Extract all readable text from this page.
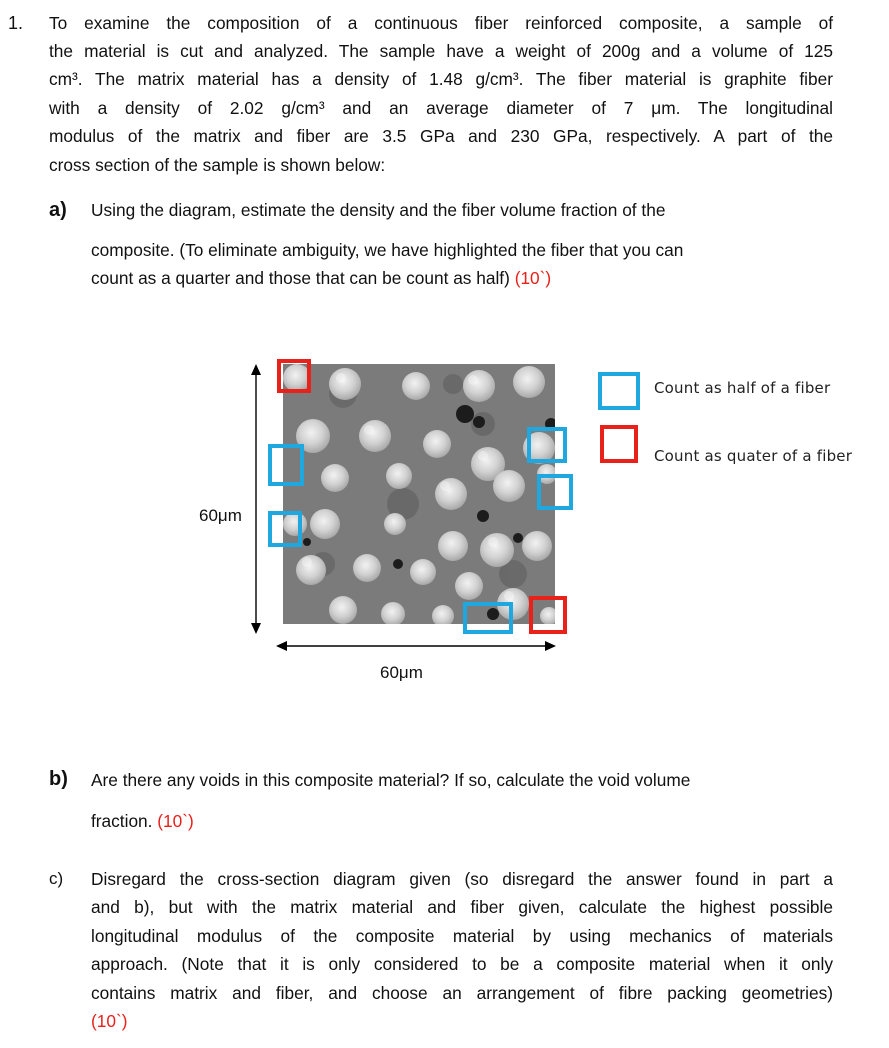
1. To examine the composition of a continuous fiber reinforced composite, a sample of
the material is cut and analyzed. The sample have a weight of 200g and a volume of 125
cm³. The matrix material has a density of 1.48 g/cm³. The fiber material is graphite fiber
with a density of 2.02 g/cm³ and an average diameter of 7 μm. The longitudinal
modulus of the matrix and fiber are 3.5 GPa and 230 GPa, respectively. A part of the
cross section of the sample is shown below:
a) Using the diagram, estimate the density and the fiber volume fraction of the
composite. (To eliminate ambiguity, we have highlighted the fiber that you can
count as a quarter and those that can be count as half) (10`)
60μm
60μm
Count as half of a fiber
Count as quater of a fiber
b) Are there any voids in this composite material? If so, calculate the void volume
fraction. (10`)
c) Disregard the cross-section diagram given (so disregard the answer found in part a
and b), but with the matrix material and fiber given, calculate the highest possible
longitudinal modulus of the composite material by using mechanics of materials
approach. (Note that it is only considered to be a composite material when it only
contains matrix and fiber, and choose an arrangement of fibre packing geometries)
(10`)
